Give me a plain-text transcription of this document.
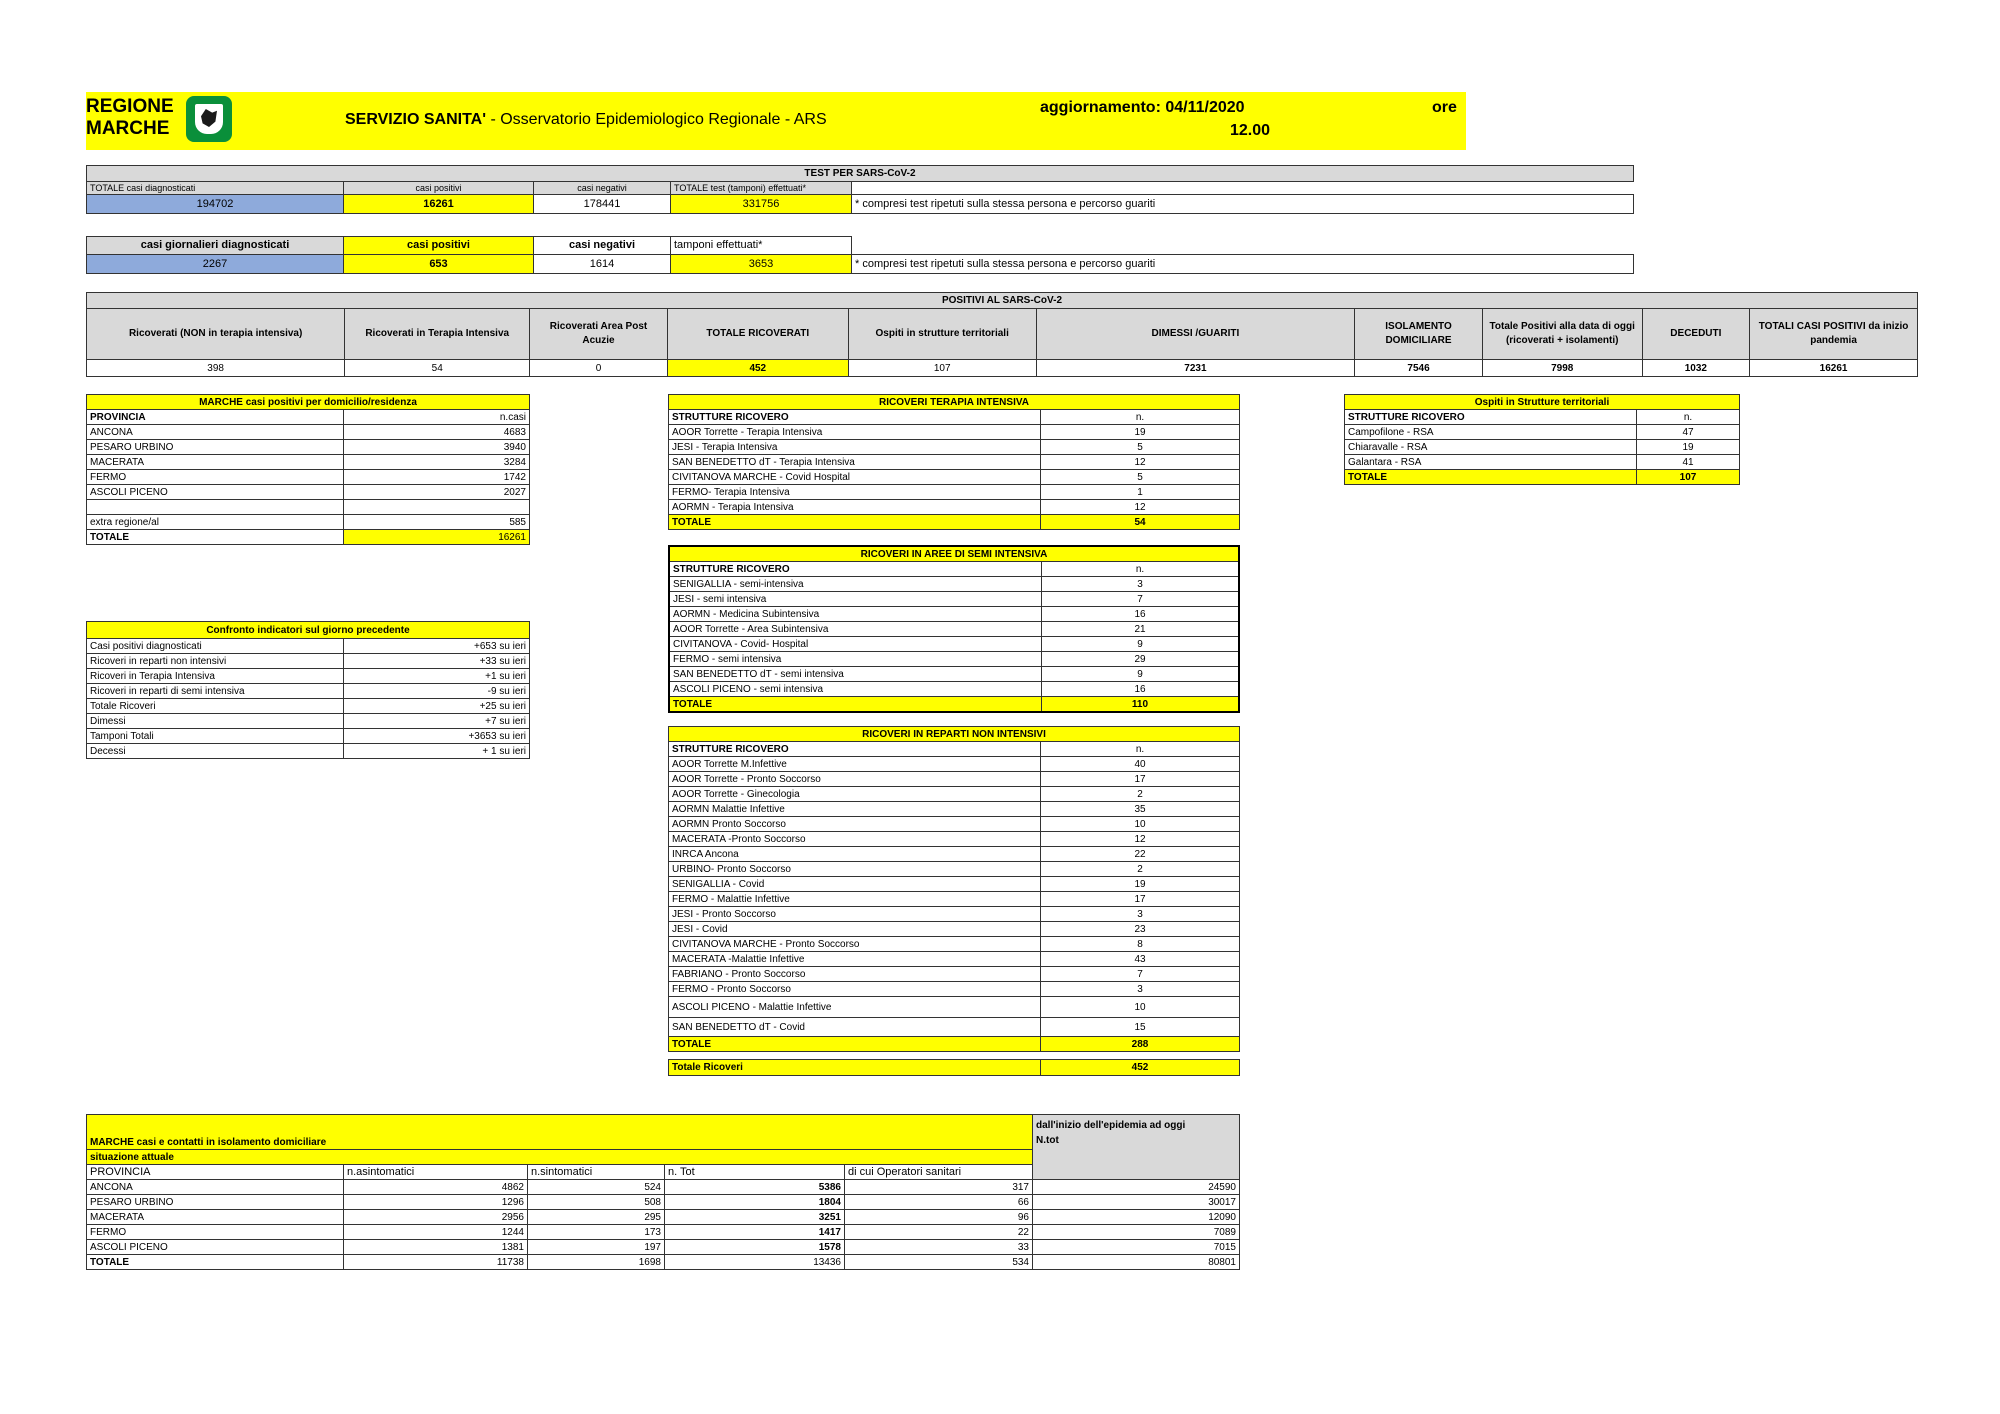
REGIONE
MARCHE	SERVIZIO SANITA' - Osservatorio Epidemiologico Regionale - ARS
aggiornamento: 04/11/2020	ore
12.00
TEST PER SARS-CoV-2				
TOTALE casi diagnosticati	casi positivi	casi negativi	TOTALE test (tamponi) effettuati*	
194702	16261	178441	331756	* compresi test ripetuti sulla stessa persona e percorso guariti
casi giornalieri diagnosticati	casi positivi	casi negativi	tamponi effettuati*	
2267	653	1614	3653	* compresi test ripetuti sulla stessa persona e percorso guariti
POSITIVI AL SARS-CoV-2									
Ricoverati (NON in terapia intensiva)	Ricoverati in Terapia Intensiva	Ricoverati Area Post Acuzie	TOTALE RICOVERATI	Ospiti in strutture territoriali	DIMESSI /GUARITI	ISOLAMENTO DOMICILIARE	Totale Positivi alla data di oggi (ricoverati + isolamenti)	DECEDUTI	TOTALI CASI POSITIVI da inizio pandemia
398	54	0	452	107	7231	7546	7998	1032	16261
MARCHE casi positivi per domicilio/residenza	
PROVINCIA	n.casi
ANCONA	4683
PESARO URBINO	3940
MACERATA	3284
FERMO	1742
ASCOLI PICENO	2027

extra regione/al	585
TOTALE	16261
Confronto indicatori sul giorno precedente	
Casi positivi diagnosticati	+653 su ieri
Ricoveri in reparti non intensivi	+33 su ieri
Ricoveri in Terapia Intensiva	+1 su ieri
Ricoveri in reparti di semi intensiva	-9 su ieri
Totale Ricoveri	+25 su ieri
Dimessi	+7 su ieri
Tamponi Totali	+3653 su ieri
Decessi	+ 1 su ieri
RICOVERI TERAPIA INTENSIVA	
STRUTTURE RICOVERO	n.
AOOR Torrette - Terapia Intensiva	19
JESI - Terapia Intensiva	5
SAN BENEDETTO dT - Terapia Intensiva	12
CIVITANOVA MARCHE - Covid Hospital	5
FERMO- Terapia Intensiva	1
AORMN - Terapia Intensiva	12
TOTALE	54
RICOVERI IN AREE DI SEMI INTENSIVA	
STRUTTURE RICOVERO	n.
SENIGALLIA - semi-intensiva	3
JESI - semi intensiva	7
AORMN - Medicina Subintensiva	16
AOOR Torrette - Area Subintensiva	21
CIVITANOVA - Covid- Hospital	9
FERMO - semi intensiva	29
SAN BENEDETTO dT - semi intensiva	9
ASCOLI PICENO - semi intensiva	16
TOTALE	110
RICOVERI IN REPARTI NON INTENSIVI	
STRUTTURE RICOVERO	n.
AOOR Torrette M.Infettive	40
AOOR Torrette - Pronto Soccorso	17
AOOR Torrette - Ginecologia	2
AORMN Malattie Infettive	35
AORMN Pronto Soccorso	10
MACERATA -Pronto Soccorso	12
INRCA Ancona	22
URBINO- Pronto Soccorso	2
SENIGALLIA - Covid	19
FERMO - Malattie Infettive	17
JESI - Pronto Soccorso	3
JESI - Covid	23
CIVITANOVA MARCHE - Pronto Soccorso	8
MACERATA -Malattie Infettive	43
FABRIANO - Pronto Soccorso	7
FERMO - Pronto Soccorso	3
ASCOLI PICENO - Malattie Infettive	10
SAN BENEDETTO dT - Covid	15
TOTALE	288
Totale Ricoveri	452
Ospiti in Strutture territoriali	
STRUTTURE RICOVERO	n.
Campofilone - RSA	47
Chiaravalle - RSA	19
Galantara - RSA	41
TOTALE	107
MARCHE casi e contatti in isolamento domiciliare					dall'inizio dell'epidemia ad oggi
N.tot
situazione attuale					
PROVINCIA	n.asintomatici	n.sintomatici	n. Tot	di cui Operatori sanitari	
ANCONA	4862	524	5386	317	24590
PESARO URBINO	1296	508	1804	66	30017
MACERATA	2956	295	3251	96	12090
FERMO	1244	173	1417	22	7089
ASCOLI PICENO	1381	197	1578	33	7015
TOTALE	11738	1698	13436	534	80801
